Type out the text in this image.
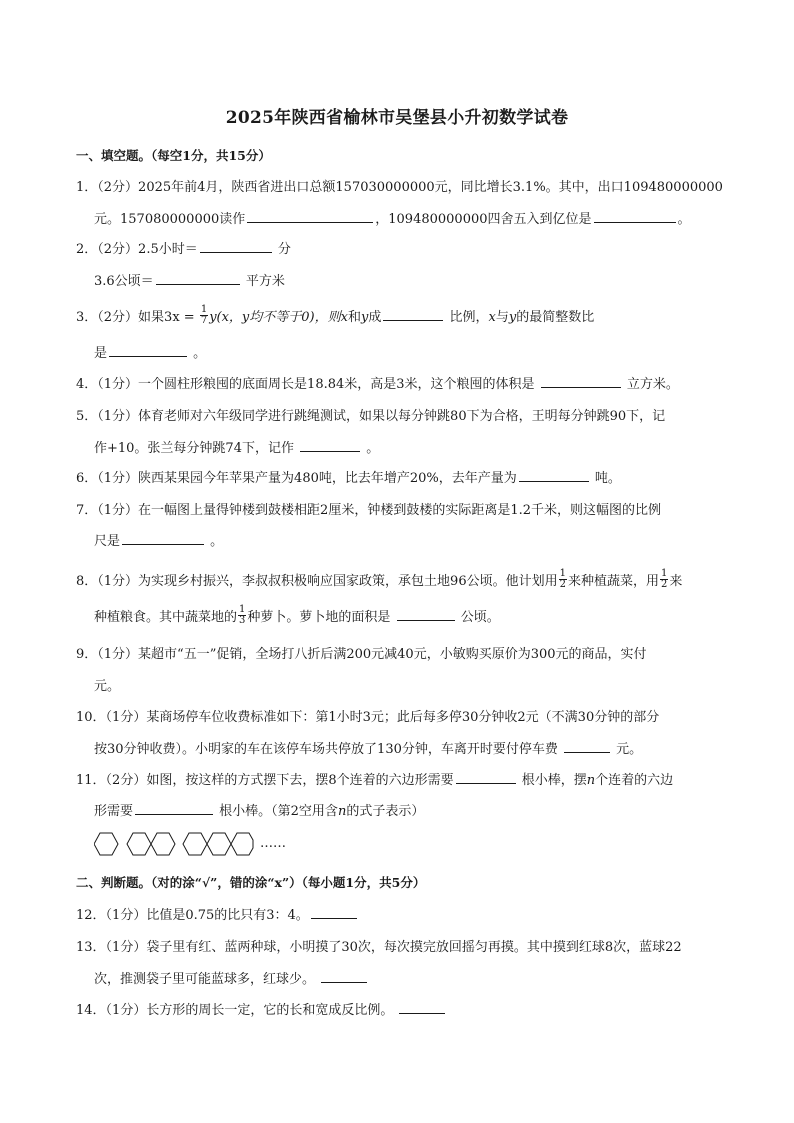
2025年陕西省榆林市吴堡县小升初数学试卷
一、填空题。（每空1分，共15分）
1．（2分）2025年前4月，陕西省进出口总额157030000000元，同比增长3.1%。其中，出口109480000000
元。157080000000读作	，109480000000四舍五入到亿位是	。
2．（2分）2.5小时＝	分
3.6公顷＝	平方米
3．（2分）如果$3x = \frac{1}{7} y(x$，y均不等于0)，则x和y成	比例，x与y的最简整数比
是	。
4．（1分）一个圆柱形粮囤的底面周长是18.84米，高是3米，这个粮囤的体积是	立方米。
5．（1分）体育老师对六年级同学进行跳绳测试，如果以每分钟跳80下为合格，王明每分钟跳90下，记
作+10。张兰每分钟跳74下，记作	。
6．（1分）陕西某果园今年苹果产量为480吨，比去年增产20%，去年产量为	吨。
7．（1分）在一幅图上量得钟楼到鼓楼相距2厘米，钟楼到鼓楼的实际距离是1.2千米，则这幅图的比例
尺是	。
8．（1分）为实现乡村振兴，李叔叔积极响应国家政策，承包土地96公顷。他计划用 $\frac{1}{2}$ 来种植蔬菜，用 $\frac{1}{2}$ 来
种植粮食。其中蔬菜地的 $\frac{1}{3}$ 种萝卜。萝卜地的面积是	公顷。
9．（1分）某超市“五一”促销，全场打八折后满200元减40元，小敏购买原价为300元的商品，实付
元。
10．（1分）某商场停车位收费标准如下：第1小时3元；此后每多停30分钟收2元（不满30分钟的部分
按30分钟收费）。小明家的车在该停车场共停放了130分钟，车离开时要付停车费	元。
11．（2分）如图，按这样的方式摆下去，摆8个连着的六边形需要	根小棒，摆n个连着的六边
形需要	根小棒。（第2空用含n的式子表示）
……
二、判断题。（对的涂“√”，错的涂“x”）（每小题1分，共5分）
12．（1分）比值是0.75的比只有3：4。
13．（1分）袋子里有红、蓝两种球，小明摸了30次，每次摸完放回摇匀再摸。其中摸到红球8次，蓝球22
次，推测袋子里可能蓝球多，红球少。
14．（1分）长方形的周长一定，它的长和宽成反比例。
